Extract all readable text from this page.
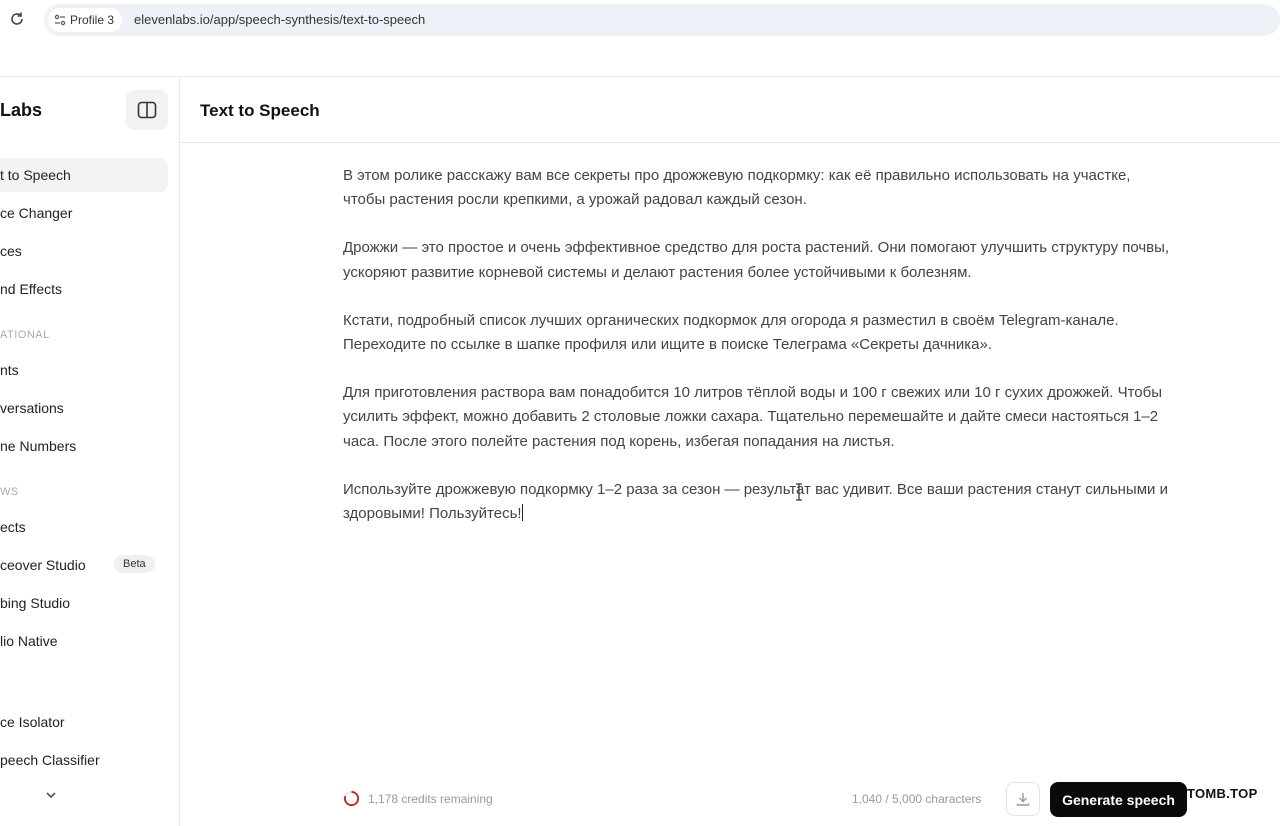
Profile 3 elevenlabs.io/app/speech-synthesis/text-to-speech
Labs
t to Speech
ce Changer
ces
nd Effects
ATIONAL
nts
versations
ne Numbers
WS
ects
ceover Studio	Beta
bing Studio
lio Native
ce Isolator
peech Classifier
Text to Speech

В этом ролике расскажу вам все секреты про дрожжевую подкормку: как её правильно использовать на участке, чтобы растения росли крепкими, а урожай радовал каждый сезон.

Дрожжи — это простое и очень эффективное средство для роста растений. Они помогают улучшить структуру почвы, ускоряют развитие корневой системы и делают растения более устойчивыми к болезням.

Кстати, подробный список лучших органических подкормок для огорода я разместил в своём Telegram-канале. Переходите по ссылке в шапке профиля или ищите в поиске Телеграма «Секреты дачника».

Для приготовления раствора вам понадобится 10 литров тёплой воды и 100 г свежих или 10 г сухих дрожжей. Чтобы усилить эффект, можно добавить 2 столовые ложки сахара. Тщательно перемешайте и дайте смеси настояться 1–2 часа. После этого полейте растения под корень, избегая попадания на листья.

Используйте дрожжевую подкормку 1–2 раза за сезон — результат вас удивит. Все ваши растения станут сильными и здоровыми! Пользуйтесь!

1,178 credits remaining	1,040 / 5,000 characters	Generate speech TOMB.TOP
